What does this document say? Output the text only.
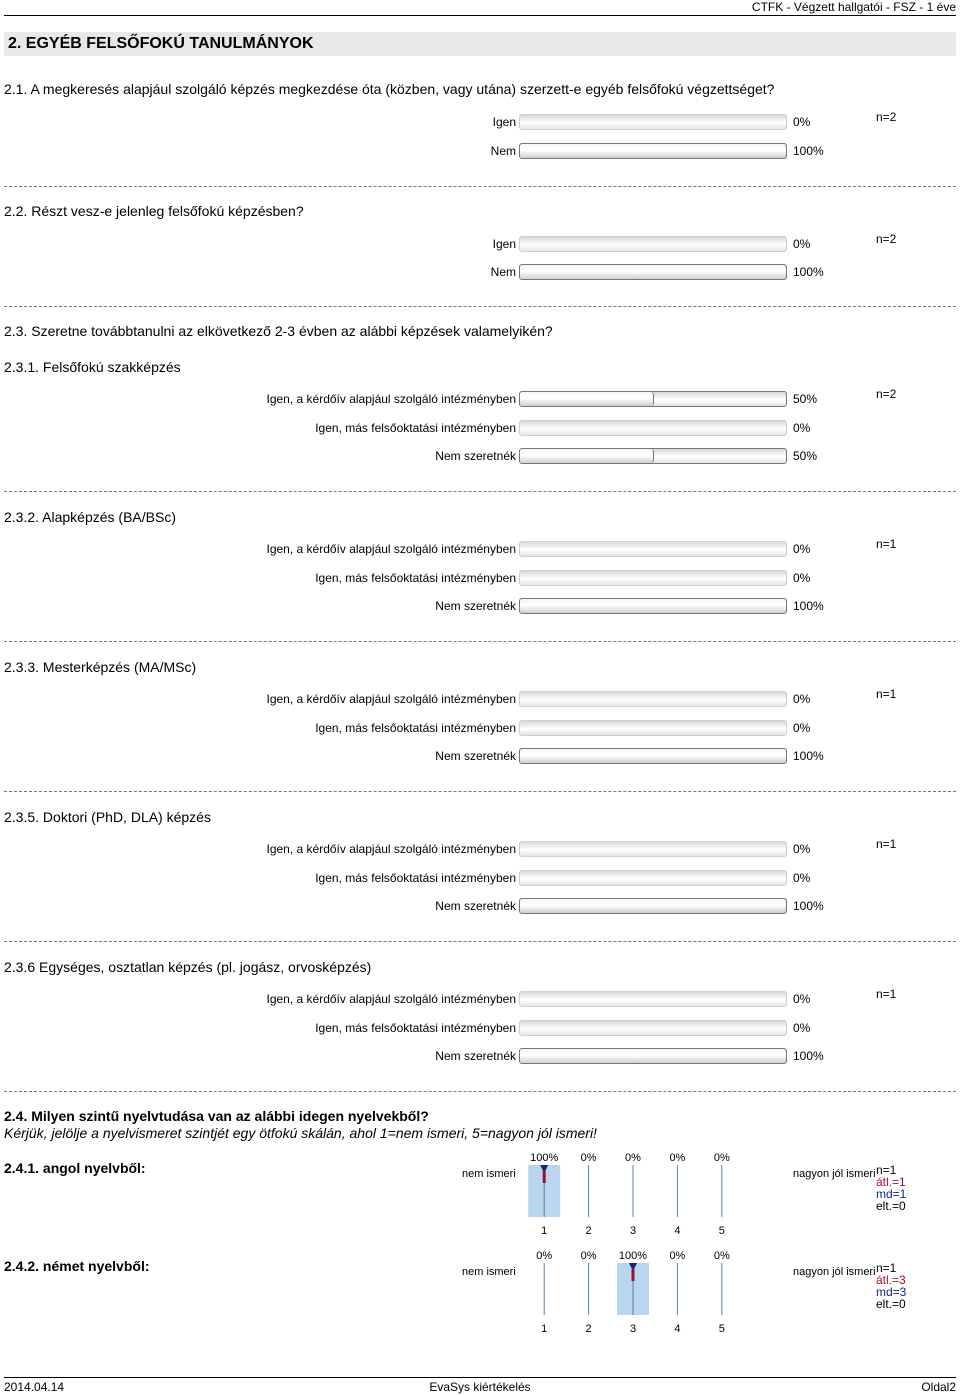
CTFK - Végzett hallgatói - FSZ - 1 éve
2. EGYÉB FELSŐFOKÚ TANULMÁNYOK
2.1. A megkeresés alapjául szolgáló képzés megkezdése óta (közben, vagy utána) szerzett-e egyéb felsőfokú végzettséget?
Igen	0%	n=2
Nem	100%
2.2. Részt vesz-e jelenleg felsőfokú képzésben?
Igen	0%	n=2
Nem	100%
2.3. Szeretne továbbtanulni az elkövetkező 2-3 évben az alábbi képzések valamelyikén?
2.3.1. Felsőfokú szakképzés
Igen, a kérdőív alapjául szolgáló intézményben	50%	n=2
Igen, más felsőoktatási intézményben	0%
Nem szeretnék	50%
2.3.2. Alapképzés (BA/BSc)
Igen, a kérdőív alapjául szolgáló intézményben	0%	n=1
Igen, más felsőoktatási intézményben	0%
Nem szeretnék	100%
2.3.3. Mesterképzés (MA/MSc)
Igen, a kérdőív alapjául szolgáló intézményben	0%	n=1
Igen, más felsőoktatási intézményben	0%
Nem szeretnék	100%
2.3.5. Doktori (PhD, DLA) képzés
Igen, a kérdőív alapjául szolgáló intézményben	0%	n=1
Igen, más felsőoktatási intézményben	0%
Nem szeretnék	100%
2.3.6 Egységes, osztatlan képzés (pl. jogász, orvosképzés)
Igen, a kérdőív alapjául szolgáló intézményben	0%	n=1
Igen, más felsőoktatási intézményben	0%
Nem szeretnék	100%
2.4. Milyen szintű nyelvtudása van az alábbi idegen nyelvekből?
Kérjük, jelölje a nyelvismeret szintjét egy ötfokú skálán, ahol 1=nem ismeri, 5=nagyon jól ismeri!
2.4.1. angol nyelvből:	nem ismeri	nagyon jól ismeri
100%
1
0%
2
0%
3
0%
4
0%
5
n=1
átl.=1
md=1
elt.=0
2.4.2. német nyelvből:	nem ismeri	nagyon jól ismeri
0%
1
0%
2
100%
3
0%
4
0%
5
n=1
átl.=3
md=3
elt.=0
2014.04.14	EvaSys kiértékelés	Oldal2
